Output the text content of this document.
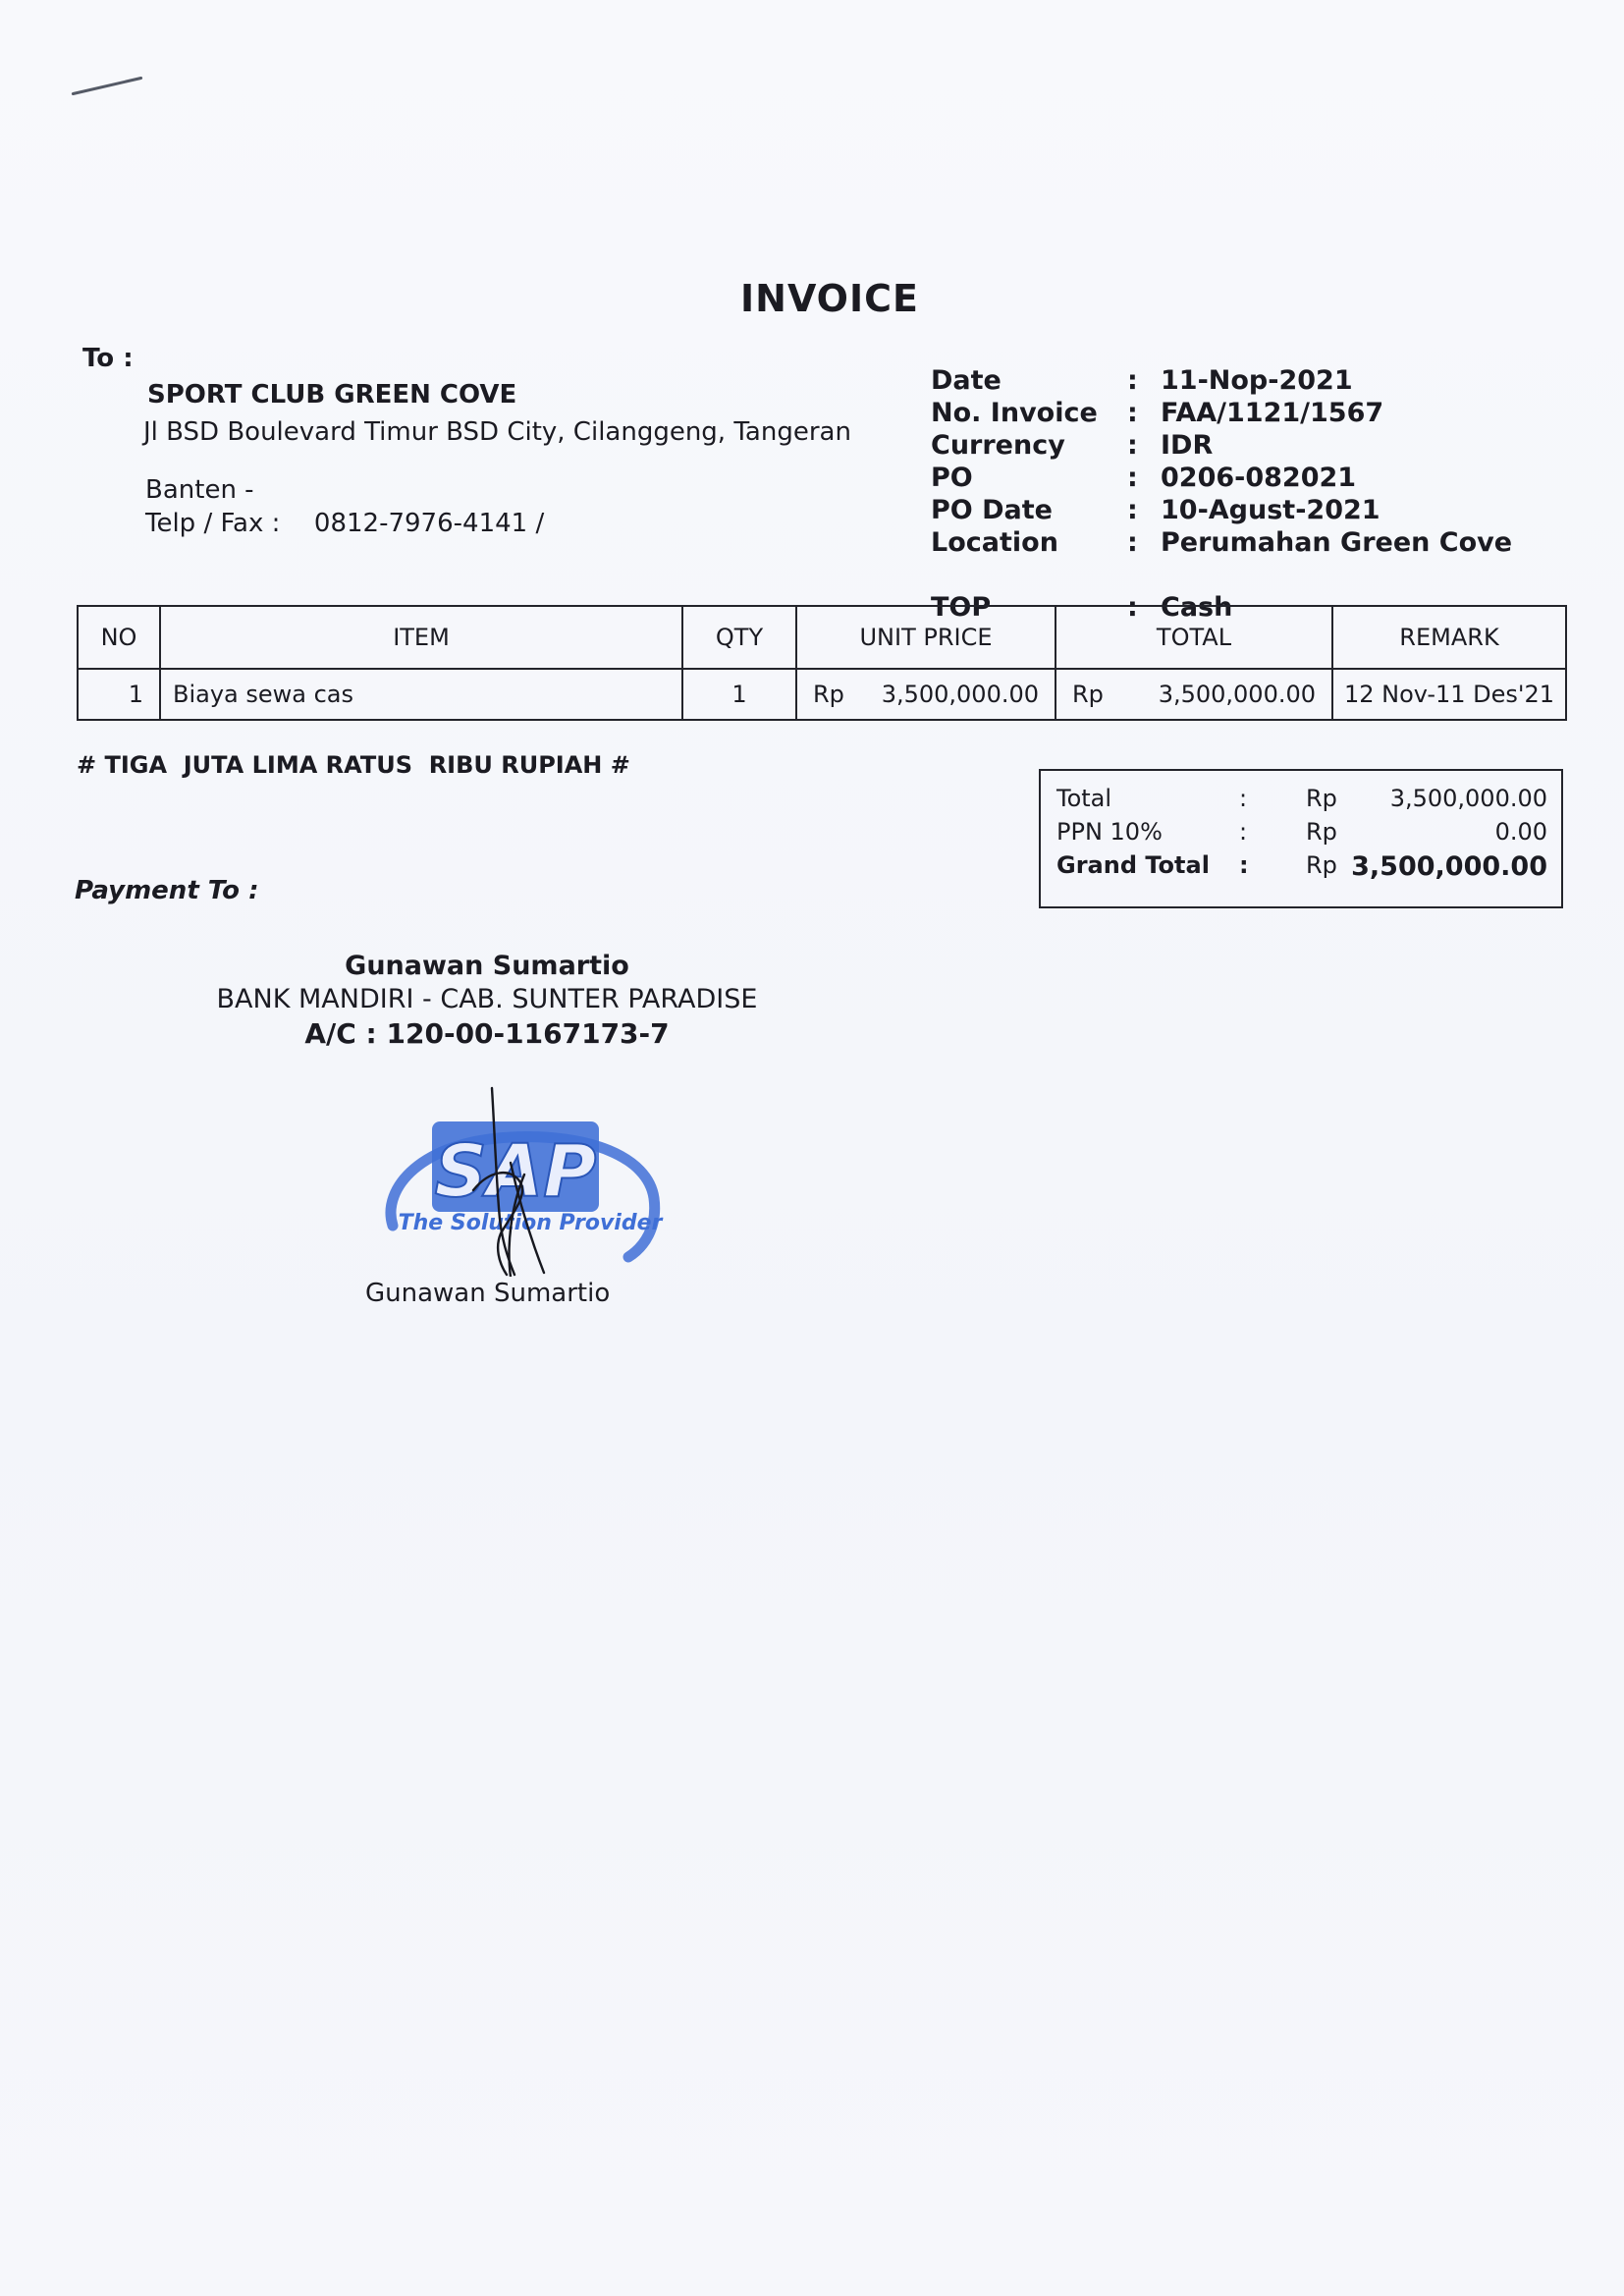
INVOICE
To :
SPORT CLUB GREEN COVE
Jl BSD Boulevard Timur BSD City, Cilanggeng, Tangeran
Banten -
Telp / Fax : 0812-7976-4141 /
Date	: 11-Nop-2021
No. Invoice : FAA/1121/1567
Currency : IDR
PO	: 0206-082021
PO Date	: 10-Agust-2021
Location	: Perumahan Green Cove
TOP	: Cash
NO	ITEM	QTY	UNIT PRICE	TOTAL	REMARK
1	Biaya sewa cas	1	Rp 3,500,000.00	Rp 3,500,000.00	12 Nov-11 Des'21
# TIGA  JUTA LIMA RATUS  RIBU RUPIAH #
Total	: Rp 3,500,000.00
PPN 10%	: Rp	0.00
Grand Total : Rp 3,500,000.00
Payment To :
Gunawan Sumartio
BANK MANDIRI - CAB. SUNTER PARADISE
A/C : 120-00-1167173-7
SAP
The Solution Provider
Gunawan Sumartio
